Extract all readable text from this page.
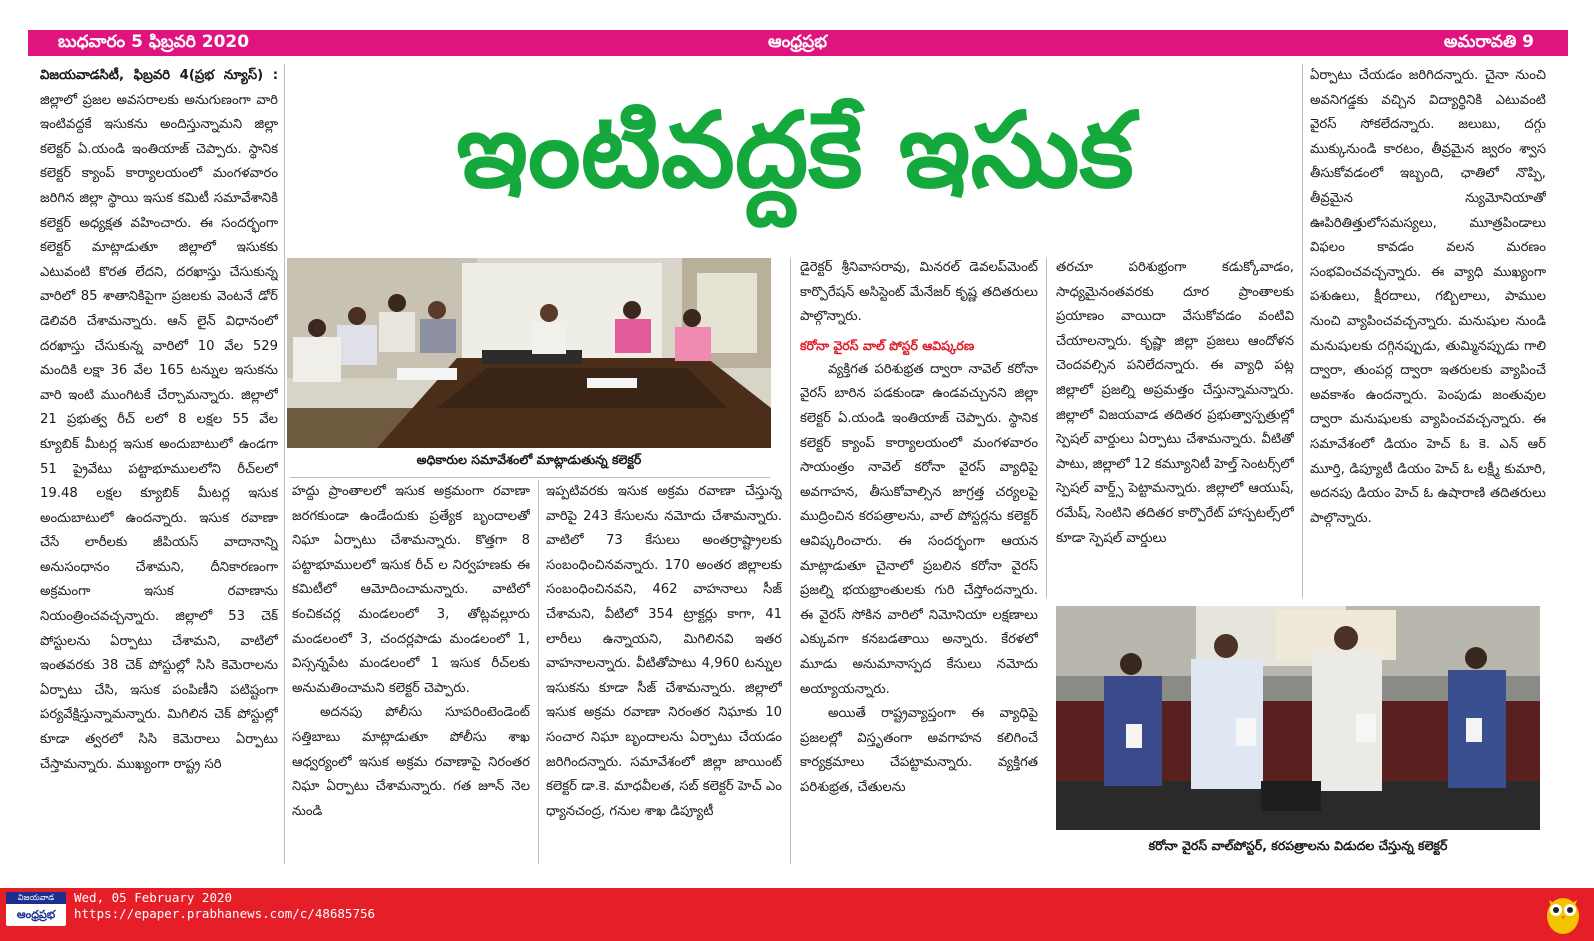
బుధవారం 5 ఫిబ్రవరి 2020	ఆంధ్రప్రభ	అమరావతి 9

విజయవాడసిటీ, ఫిబ్రవరి 4(ప్రభ న్యూస్) : జిల్లాలో ప్రజల అవసరాలకు అనుగుణంగా వారి ఇంటివద్దకే ఇసుకను అందిస్తున్నామని జిల్లా కలెక్టర్ ఏ.యండి ఇంతియాజ్ చెప్పారు. స్థానిక కలెక్టర్ క్యాంప్ కార్యాలయంలో మంగళవారం జరిగిన జిల్లా స్థాయి ఇసుక కమిటీ సమావేశానికి కలెక్టర్ అధ్యక్షత వహించారు. ఈ సందర్భంగా కలెక్టర్ మాట్లాడుతూ జిల్లాలో ఇసుకకు ఎటువంటి కొరత లేదని, దరఖాస్తు చేసుకున్న వారిలో 85 శాతానికిపైగా ప్రజలకు వెంటనే డోర్ డెలివరి చేశామన్నారు. ఆన్ లైన్ విధానంలో దరఖాస్తు చేసుకున్న వారిలో 10 వేల 529 మందికి లక్షా 36 వేల 165 టన్నుల ఇసుకను వారి ఇంటి ముంగిటకే చేర్చామన్నారు. జిల్లాలో 21 ప్రభుత్వ రీచ్ లలో 8 లక్షల 55 వేల క్యూబిక్ మీటర్ల ఇసుక అందుబాటులో ఉండగా 51 ప్రైవేటు పట్టాభూములలోని రీచ్‌లలో 19.48 లక్షల క్యూబిక్ మీటర్ల ఇసుక అందుబాటులో ఉందన్నారు. ఇసుక రవాణా చేసే లారీలకు జీపియస్ వాదానాన్ని అనుసంధానం చేశామని, దీనికారణంగా అక్రమంగా ఇసుక రవాణాను నియంత్రించవచ్చన్నారు. జిల్లాలో 53 చెక్ పోస్టులను ఏర్పాటు చేశామని, వాటిలో ఇంతవరకు 38 చెక్ పోస్టుల్లో సిసి కెమెరాలను ఏర్పాటు చేసి, ఇసుక పంపిణీని పటిష్టంగా పర్యవేక్షిస్తున్నామన్నారు. మిగిలిన చెక్ పోస్టుల్లో కూడా త్వరలో సిసి కెమెరాలు ఏర్పాటు చేస్తామన్నారు. ముఖ్యంగా రాష్ట్ర సరి

ఇంటివద్దకే ఇసుక
అధికారుల సమావేశంలో మాట్లాడుతున్న కలెక్టర్

హద్దు ప్రాంతాలలో ఇసుక అక్రమంగా రవాణా జరగకుండా ఉండేందుకు ప్రత్యేక బృందాలతో నిఘా ఏర్పాటు చేశామన్నారు. కొత్తగా 8 పట్టాభూములలో ఇసుక రీచ్ ల నిర్వహణకు ఈ కమిటీలో ఆమోదించామన్నారు. వాటిలో కంచికచర్ల మండలంలో 3, తోట్లవల్లూరు మండలంలో 3, చందర్లపాడు మండలంలో 1, విస్సన్నపేట మండలంలో 1 ఇసుక రీచ్‌లకు అనుమతించామని కలెక్టర్ చెప్పారు.

అదనపు పోలీసు సూపరింటెండెంట్ సత్తిబాబు మాట్లాడుతూ పోలీసు శాఖ ఆధ్వర్యంలో ఇసుక అక్రమ రవాణాపై నిరంతర నిఘా ఏర్పాటు చేశామన్నారు. గత జూన్ నెల నుండి

ఇప్పటివరకు ఇసుక అక్రమ రవాణా చేస్తున్న వారిపై 243 కేసులను నమోదు చేశామన్నారు. వాటిలో 73 కేసులు అంతర్రాష్ట్రాలకు సంబంధించినవన్నారు. 170 అంతర జిల్లాలకు సంబంధించినవని, 462 వాహనాలు సీజ్ చేశామని, వీటిలో 354 ట్రాక్టర్లు కాగా, 41 లారీలు ఉన్నాయని, మిగిలినవి ఇతర వాహనాలన్నారు. వీటితోపాటు 4,960 టన్నుల ఇసుకను కూడా సీజ్ చేశామన్నారు. జిల్లాలో ఇసుక అక్రమ రవాణా నిరంతర నిఘాకు 10 సంచార నిఘా బృందాలను ఏర్పాటు చేయడం జరిగిందన్నారు. సమావేశంలో జిల్లా జాయింట్ కలెక్టర్ డా.కె. మాధవీలత, సబ్ కలెక్టర్ హెచ్ ఎం ధ్యానచంద్ర, గనుల శాఖ డిప్యూటీ

డైరెక్టర్ శ్రీనివాసరావు, మినరల్ డెవలప్‌మెంట్ కార్పొరేషన్ అసిస్టెంట్ మేనేజర్ కృష్ణ తదితరులు పాల్గొన్నారు.

కరోనా వైరస్ వాల్ పోస్టర్ ఆవిష్కరణ

వ్యక్తిగత పరిశుభ్రత ద్వారా నావెల్ కరోనా వైరస్ బారిన పడకుండా ఉండవచ్చునని జిల్లా కలెక్టర్ ఏ.యండి ఇంతియాజ్ చెప్పారు. స్థానిక కలెక్టర్ క్యాంప్ కార్యాలయంలో మంగళవారం సాయంత్రం నావెల్ కరోనా వైరస్ వ్యాధిపై అవగాహన, తీసుకోవాల్సిన జాగ్రత్త చర్యలపై ముద్రించిన కరపత్రాలను, వాల్ పోస్టర్లను కలెక్టర్ ఆవిష్కరించారు. ఈ సందర్భంగా ఆయన మాట్లాడుతూ చైనాలో ప్రబలిన కరోనా వైరస్ ప్రజల్ని భయభ్రాంతులకు గురి చేస్తోందన్నారు. ఈ వైరస్ సోకిన వారిలో నిమోనియా లక్షణాలు ఎక్కువగా కనబడతాయి అన్నారు. కేరళలో మూడు అనుమానాస్పద కేసులు నమోదు అయ్యాయన్నారు.

అయితే రాష్ట్రవ్యాప్తంగా ఈ వ్యాధిపై ప్రజలల్లో విస్తృతంగా అవగాహన కలిగించే కార్యక్రమాలు చేపట్టామన్నారు. వ్యక్తిగత పరిశుభ్రత, చేతులను

తరచూ పరిశుభ్రంగా కడుక్కోవాడం, సాధ్యమైనంతవరకు దూర ప్రాంతాలకు ప్రయాణం వాయిదా వేసుకోవడం వంటివి చేయాలన్నారు. కృష్ణా జిల్లా ప్రజలు ఆందోళన చెందవల్సిన పనిలేదన్నారు. ఈ వ్యాధి పట్ల జిల్లాలో ప్రజల్ని అప్రమత్తం చేస్తున్నామన్నారు. జిల్లాలో విజయవాడ తదితర ప్రభుత్వాస్పత్రుల్లో స్పెషల్ వార్డులు ఏర్పాటు చేశామన్నారు. వీటితో పాటు, జిల్లాలో 12 కమ్యూనిటీ హెల్త్ సెంటర్స్‌లో స్పెషల్ వార్డ్స్ పెట్టామన్నారు. జిల్లాలో ఆయుష్, రమేష్, సెంటిని తదితర కార్పొరేట్ హాస్పటల్స్‌లో కూడా స్పెషల్ వార్డులు

ఏర్పాటు చేయడం జరిగిదన్నారు. చైనా నుంచి అవనిగడ్డకు వచ్చిన విద్యార్థినికి ఎటువంటి వైరస్ సోకలేదన్నారు. జలుబు, దగ్గు ముక్కునుండి కారటం, తీవ్రమైన జ్వరం శ్వాస తీసుకోవడంలో ఇబ్బంది, ఛాతిలో నొప్పి, తీవ్రమైన న్యుమోనియాతో ఊపిరితిత్తులోసమస్యలు, మూత్రపిండాలు విఫలం కావడం వలన మరణం సంభవించవచ్చన్నారు. ఈ వ్యాధి ముఖ్యంగా పశుఉలు, క్షీరదాలు, గబ్బిలాలు, పాముల నుంచి వ్యాపించవచ్చన్నారు. మనుషుల నుండి మనుషులకు దగ్గినప్పుడు, తుమ్మినప్పుడు గాలి ద్వారా, తుంపర్ల ద్వారా ఇతరులకు వ్యాపించే అవకాశం ఉందన్నారు. పెంపుడు జంతువుల ద్వారా మనుషులకు వ్యాపించవచ్చన్నారు. ఈ సమావేశంలో డియం హెచ్ ఓ కె. ఎన్ ఆర్ మూర్తి, డిప్యూటీ డియం హెచ్ ఓ లక్ష్మీ కుమారి, అదనపు డియం హెచ్ ఓ ఉషారాణి తదితరులు పాల్గొన్నారు.

కరోనా వైరస్ వాల్‌పోస్టర్, కరపత్రాలను విడుదల చేస్తున్న కలెక్టర్
విజయవాడ
ఆంధ్రప్రభ
Wed, 05 February 2020
https://epaper.prabhanews.com/c/48685756
